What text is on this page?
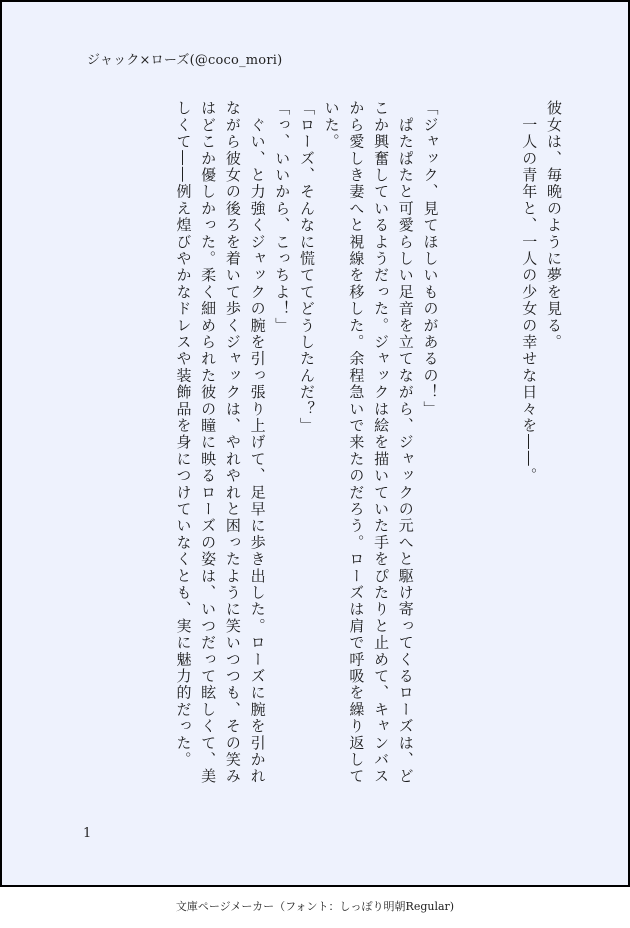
ジャック×ローズ(@coco_mori)

彼女は、毎晩のように夢を見る。

　一人の青年と、一人の少女の幸せな日々を――。

「ジャック、見てほしいものがあるの！」

　ぱたぱたと可愛らしい足音を立てながら、ジャックの元へと駆け寄ってくるローズは、どこか興奮しているようだった。ジャックは絵を描いていた手をぴたりと止めて、キャンバスから愛しき妻へと視線を移した。余程急いで来たのだろう。ローズは肩で呼吸を繰り返していた。

「ローズ、そんなに慌ててどうしたんだ？」

「っ、いいから、こっちよ！」

　ぐい、と力強くジャックの腕を引っ張り上げて、足早に歩き出した。ローズに腕を引かれながら彼女の後ろを着いて歩くジャックは、やれやれと困ったように笑いつつも、その笑みはどこか優しかった。柔く細められた彼の瞳に映るローズの姿は、いつだって眩しくて、美しくて――例え煌びやかなドレスや装飾品を身につけていなくとも、実に魅力的だった。

1
文庫ページメーカー（フォント：しっぽり明朝Regular)
